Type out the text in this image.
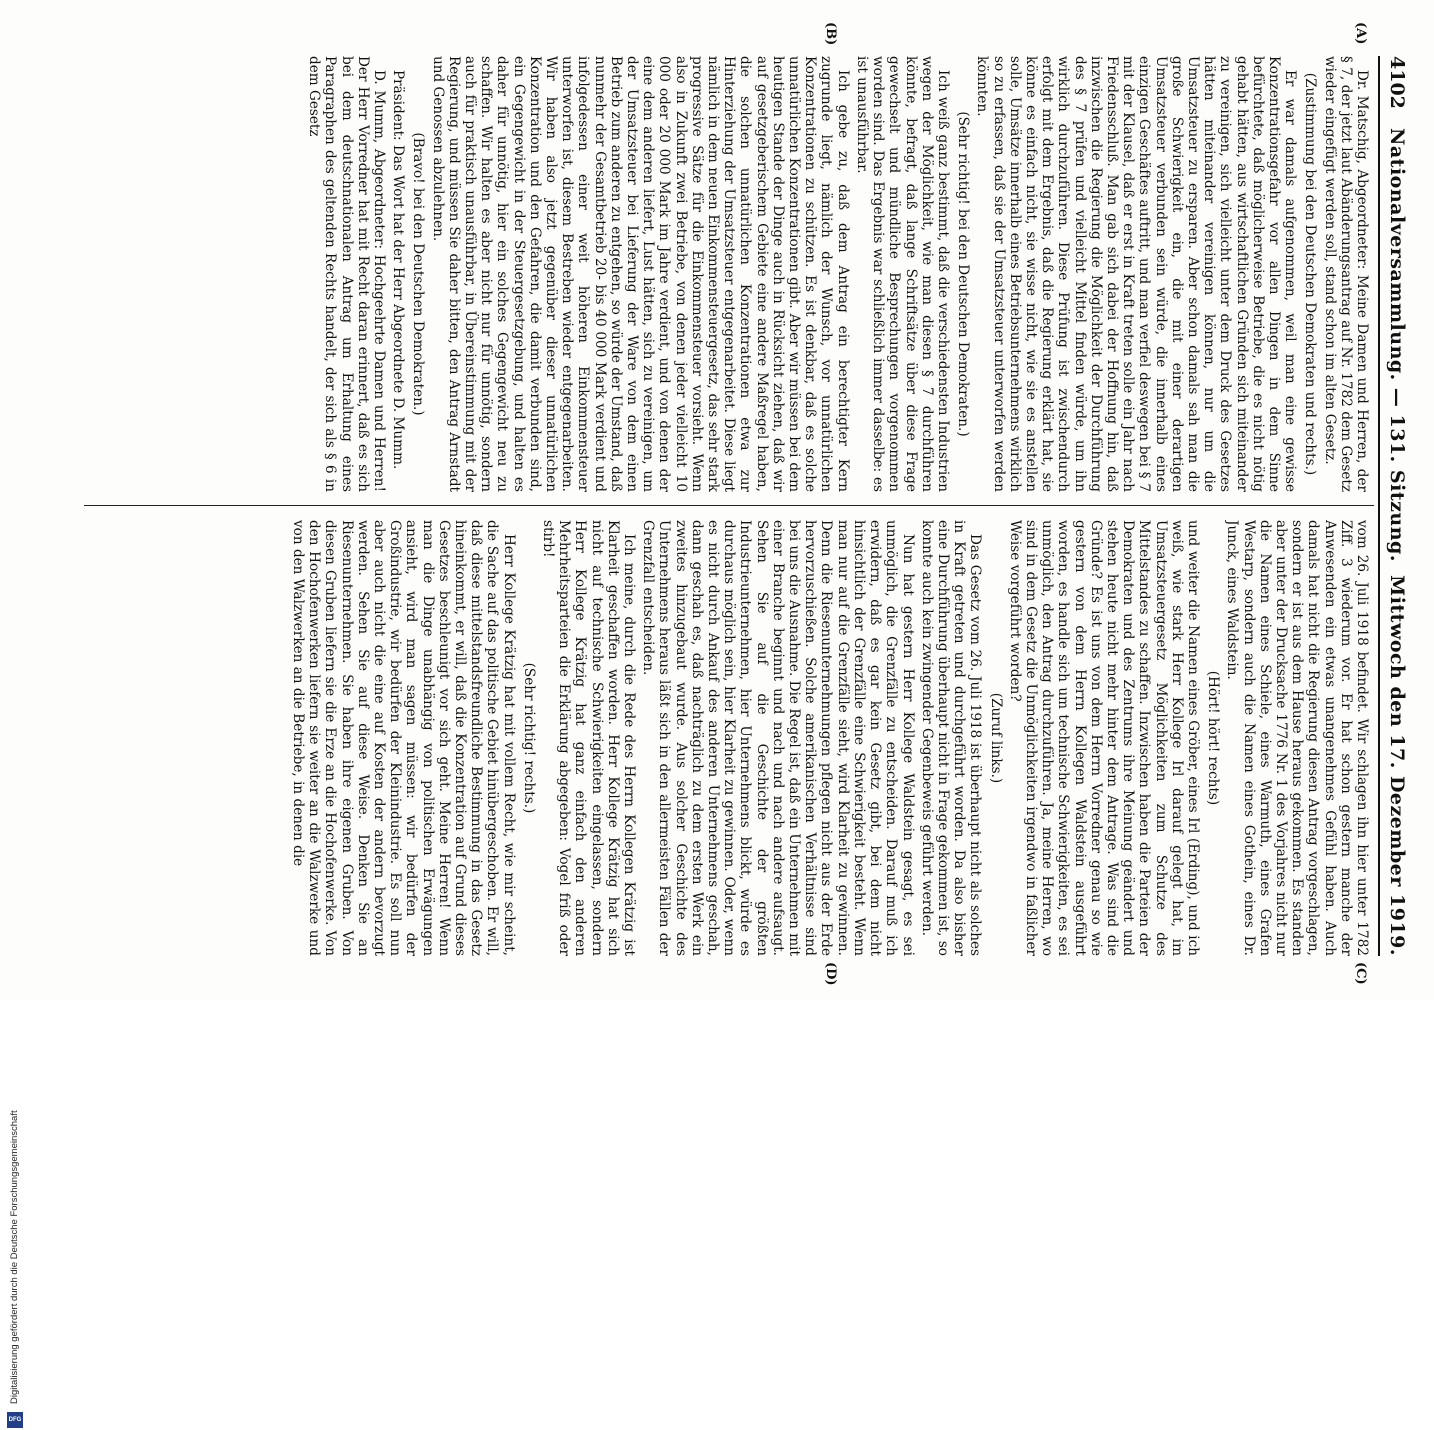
4102
Nationalversammlung. — 131. Sitzung.
Mittwoch den 17. Dezember 1919.
(A)
(B)
(C)
(D)

Dr. Matschig, Abgeordneter: Meine Damen und Herren, der § 7, der jetzt laut Abänderungsantrag auf Nr. 1782 dem Gesetz wieder eingefügt werden soll, stand schon im alten Gesetz.

(Zustimmung bei den Deutschen Demokraten und rechts.)

Er war damals aufgenommen, weil man eine gewisse Konzentrationsgefahr vor allen Dingen in dem Sinne befürchtete, daß möglicherweise Betriebe, die es nicht nötig gehabt hätten, aus wirtschaftlichen Gründen sich miteinander zu vereinigen, sich vielleicht unter dem Druck des Gesetzes hätten miteinander vereinigen können, nur um die Umsatzsteuer zu ersparen. Aber schon damals sah man die große Schwierigkeit ein, die mit einer derartigen Umsatzsteuer verbunden sein würde, die innerhalb eines einzigen Geschäftes auftritt, und man verfiel deswegen bei § 7 mit der Klausel, daß er erst in Kraft treten solle ein Jahr nach Friedensschluß. Man gab sich dabei der Hoffnung hin, daß inzwischen die Regierung die Möglichkeit der Durchführung des § 7 prüfen und vielleicht Mittel finden würde, um ihn wirklich durchzuführen. Diese Prüfung ist zwischendurch erfolgt mit dem Ergebnis, daß die Regierung erklärt hat, sie könne es einfach nicht, sie wisse nicht, wie sie es anstellen solle, Umsätze innerhalb eines Betriebsunternehmens wirklich so zu erfassen, daß sie der Umsatzsteuer unterworfen werden könnten.

(Sehr richtig! bei den Deutschen Demokraten.)

Ich weiß ganz bestimmt, daß die verschiedensten Industrien wegen der Möglichkeit, wie man diesen § 7 durchführen könnte, befragt, daß lange Schriftsätze über diese Frage gewechselt und mündliche Besprechungen vorgenommen worden sind. Das Ergebnis war schließlich immer dasselbe: es ist unausführbar.

Ich gebe zu, daß dem Antrag ein berechtigter Kern zugrunde liegt, nämlich der Wunsch, vor unnatürlichen Konzentrationen zu schützen. Es ist denkbar, daß es solche unnatürlichen Konzentrationen gibt. Aber wir müssen bei dem heutigen Stande der Dinge auch in Rücksicht ziehen, daß wir auf gesetzgeberischem Gebiete eine andere Maßregel haben, die solchen unnatürlichen Konzentrationen etwa zur Hinterziehung der Umsatzsteuer entgegenarbeitet. Diese liegt nämlich in dem neuen Einkommensteuergesetz, das sehr stark progressive Sätze für die Einkommensteuer vorsieht. Wenn also in Zukunft zwei Betriebe, von denen jeder vielleicht 10 000 oder 20 000 Mark im Jahre verdient, und von denen der eine dem anderen liefert, Lust hätten, sich zu vereinigen, um der Umsatzsteuer bei Lieferung der Ware von dem einen Betrieb zum anderen zu entgehen, so würde der Umstand, daß nunmehr der Gesamtbetrieb 20- bis 40 000 Mark verdient und infolgedessen einer weit höheren Einkommensteuer unterworfen ist, diesem Bestreben wieder entgegenarbeiten. Wir haben also jetzt gegenüber dieser unnatürlichen Konzentration und den Gefahren, die damit verbunden sind, ein Gegengewicht in der Steuergesetzgebung, und halten es daher für unnötig, hier ein solches Gegengewicht neu zu schaffen. Wir halten es aber nicht nur für unnötig, sondern auch für praktisch unausführbar, in Übereinstimmung mit der Regierung, und müssen Sie daher bitten, den Antrag Arnstadt und Genossen abzulehnen.

(Bravo! bei den Deutschen Demokraten.)

Präsident: Das Wort hat der Herr Abgeordnete D. Mumm.

D. Mumm, Abgeordneter: Hochgeehrte Damen und Herren! Der Herr Vorredner hat mit Recht daran erinnert, daß es sich bei dem deutschnationalen Antrag um Erhaltung eines Paragraphen des geltenden Rechts handelt, der sich als § 6 in dem Gesetz

vom 26. Juli 1918 befindet. Wir schlagen ihn hier unter 1782 Ziff. 3 wiederum vor. Er hat schon gestern manche der Anwesenden ein etwas unangenehmes Gefühl haben. Auch damals hat nicht die Regierung diesen Antrag vorgeschlagen, sondern er ist aus dem Hause heraus gekommen. Es standen aber unter der Drucksache 1776 Nr. 1 des Vorjahres nicht nur die Namen eines Schiele, eines Warmuth, eines Grafen Westarp, sondern auch die Namen eines Gothein, eines Dr. Junck, eines Waldstein.

(Hört! hört! rechts)

und weiter die Namen eines Gröber, eines Irl (Erding), und ich weiß, wie stark Herr Kollege Irl darauf gelegt hat, im Umsatzsteuergesetz Möglichkeiten zum Schutze des Mittelstandes zu schaffen. Inzwischen haben die Parteien der Demokraten und des Zentrums ihre Meinung geändert und stehen heute nicht mehr hinter dem Antrage. Was sind die Gründe? Es ist uns von dem Herrn Vorredner genau so wie gestern von dem Herrn Kollegen Waldstein ausgeführt worden, es handle sich um technische Schwierigkeiten, es sei unmöglich, den Antrag durchzuführen. Ja, meine Herren, wo sind in dem Gesetz die Unmöglichkeiten irgendwo in faßlicher Weise vorgeführt worden?

(Zuruf links.)

Das Gesetz vom 26. Juli 1918 ist überhaupt nicht als solches in Kraft getreten und durchgeführt worden. Da also bisher eine Durchführung überhaupt nicht in Frage gekommen ist, so konnte auch kein zwingender Gegenbeweis geführt werden.

Nun hat gestern Herr Kollege Waldstein gesagt, es sei unmöglich, die Grenzfälle zu entscheiden. Darauf muß ich erwidern, daß es gar kein Gesetz gibt, bei dem nicht hinsichtlich der Grenzfälle eine Schwierigkeit besteht. Wenn man nur auf die Grenzfälle sieht, wird Klarheit zu gewinnen. Denn die Riesenunternehmungen pflegen nicht aus der Erde hervorzuschießen. Solche amerikanischen Verhältnisse sind bei uns die Ausnahme. Die Regel ist, daß ein Unternehmen mit einer Branche beginnt und nach und nach andere aufsaugt. Sehen Sie auf die Geschichte der größten Industrieunternehmen, hier Unternehmens blickt, würde es durchaus möglich sein, hier Klarheit zu gewinnen. Oder, wenn es nicht durch Ankauf des anderen Unternehmens geschah, dann geschah es, daß nachträglich zu dem ersten Werk ein zweites hinzugebaut wurde. Aus solcher Geschichte des Unternehmens heraus läßt sich in den allermeisten Fällen der Grenzfall entscheiden.

Ich meine, durch die Rede des Herrn Kollegen Krätzig ist Klarheit geschaffen worden. Herr Kollege Krätzig hat sich nicht auf technische Schwierigkeiten eingelassen, sondern Herr Kollege Krätzig hat ganz einfach den anderen Mehrheitsparteien die Erklärung abgegeben: Vogel friß oder stirb!

(Sehr richtig! rechts.)

Herr Kollege Krätzig hat mit vollem Recht, wie mir scheint, die Sache auf das politische Gebiet hinübergeschoben. Er will, daß diese mittelstandsfreundliche Bestimmung in das Gesetz hineinkommt, er will, daß die Konzentration auf Grund dieses Gesetzes beschleunigt vor sich geht. Meine Herren! Wenn man die Dinge unabhängig von politischen Erwägungen ansieht, wird man sagen müssen: wir bedürfen der Großindustrie, wir bedürfen der Kleinindustrie. Es soll nun aber auch nicht die eine auf Kosten der andern bevorzugt werden. Sehen Sie auf diese Weise. Denken Sie an Riesenunternehmen. Sie haben ihre eigenen Gruben. Von diesen Gruben liefern sie die Erze an die Hochofenwerke. Von den Hochofenwerken liefern sie weiter an die Walzwerke und von den Walzwerken an die Betriebe, in denen die

Digitalisierung gefördert durch die Deutsche Forschungsgemeinschaft
DFG
